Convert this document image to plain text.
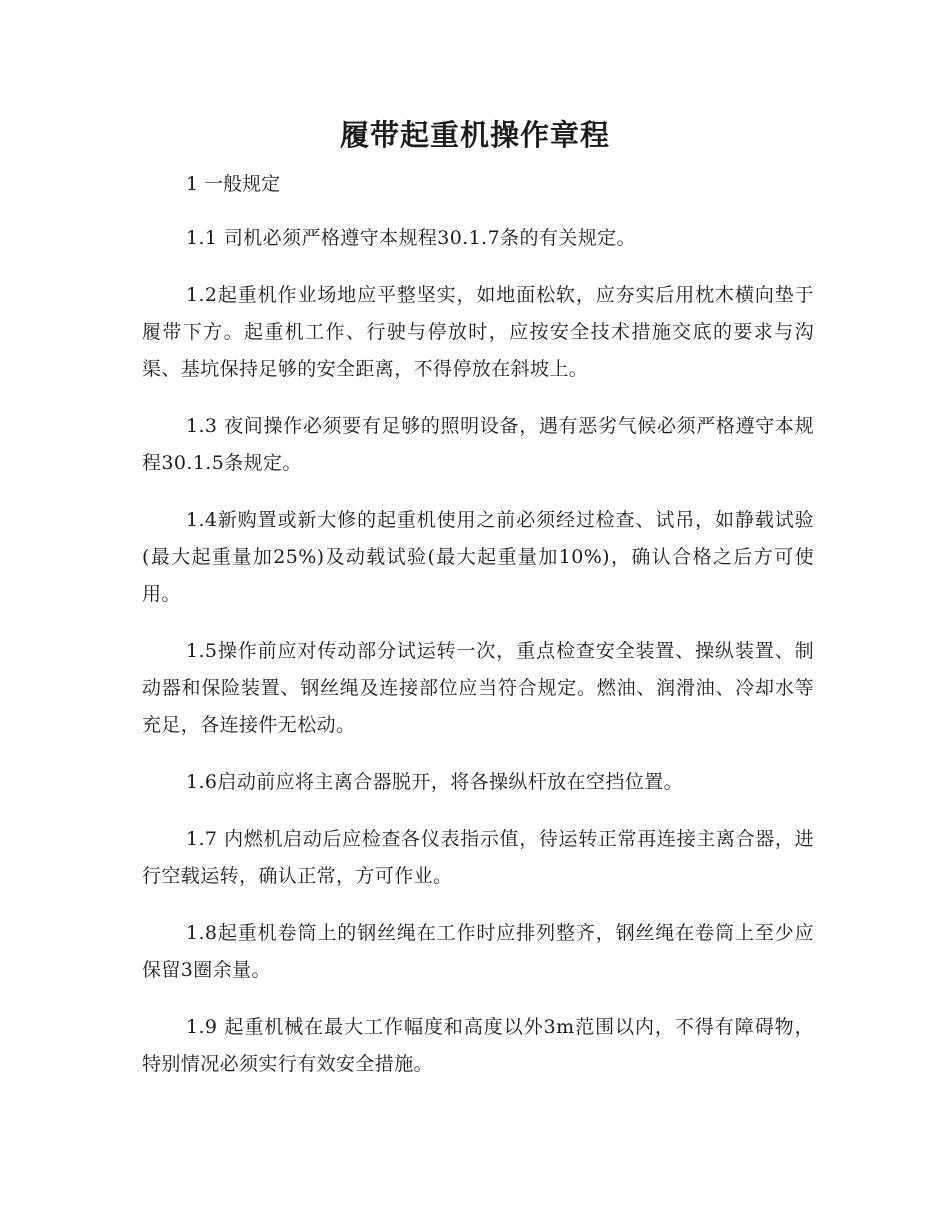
履带起重机操作章程
1 一般规定

1.1 司机必须严格遵守本规程30.1.7条的有关规定。

1.2起重机作业场地应平整坚实，如地面松软，应夯实后用枕木横向垫于履带下方。起重机工作、行驶与停放时，应按安全技术措施交底的要求与沟渠、基坑保持足够的安全距离，不得停放在斜坡上。

1.3 夜间操作必须要有足够的照明设备，遇有恶劣气候必须严格遵守本规程30.1.5条规定。

1.4新购置或新大修的起重机使用之前必须经过检查、试吊，如静载试验(最大起重量加25%)及动载试验(最大起重量加10%)，确认合格之后方可使用。

1.5操作前应对传动部分试运转一次，重点检查安全装置、操纵装置、制动器和保险装置、钢丝绳及连接部位应当符合规定。燃油、润滑油、冷却水等充足，各连接件无松动。

1.6启动前应将主离合器脱开，将各操纵杆放在空挡位置。

1.7 内燃机启动后应检查各仪表指示值，待运转正常再连接主离合器，进行空载运转，确认正常，方可作业。

1.8起重机卷筒上的钢丝绳在工作时应排列整齐，钢丝绳在卷筒上至少应保留3圈余量。

1.9 起重机械在最大工作幅度和高度以外3m范围以内，不得有障碍物，特别情况必须实行有效安全措施。
